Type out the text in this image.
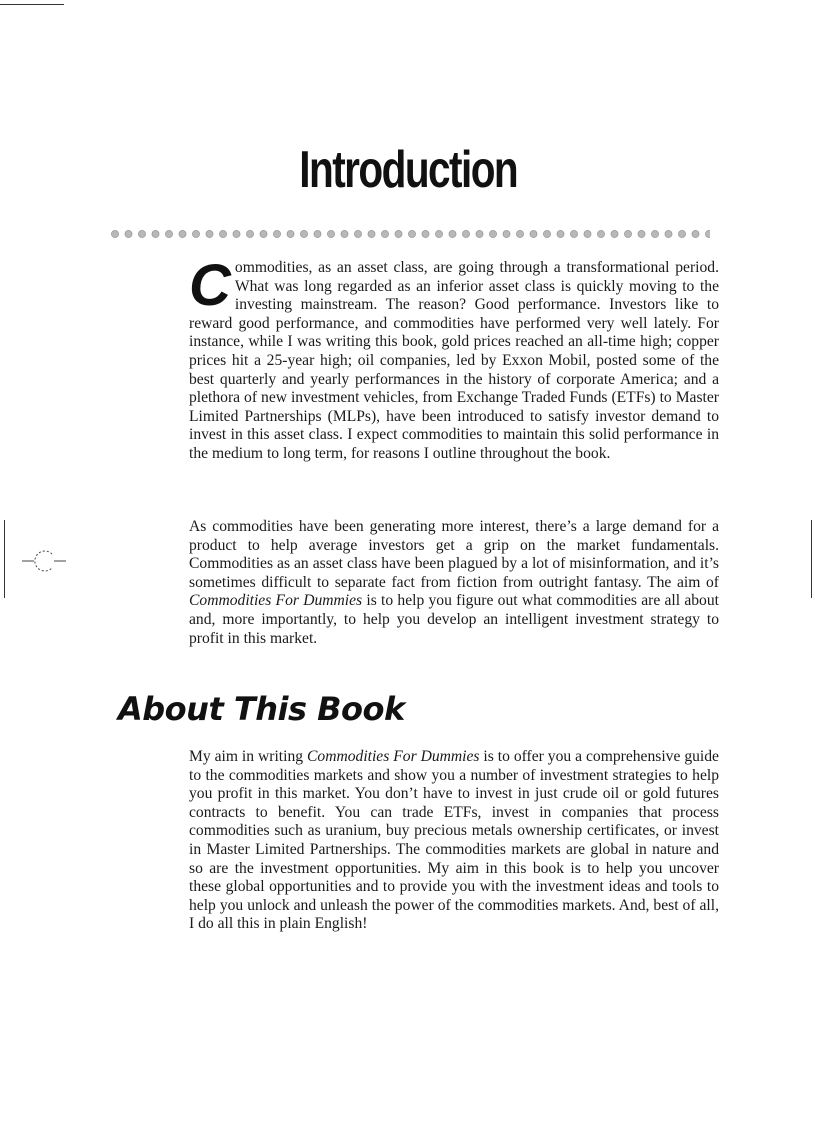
Introduction

Commodities, as an asset class, are going through a transformational period. What was long regarded as an inferior asset class is quickly moving to the investing mainstream. The reason? Good performance. Investors like to reward good performance, and commodities have performed very well lately. For instance, while I was writing this book, gold prices reached an all-time high; copper prices hit a 25-year high; oil companies, led by Exxon Mobil, posted some of the best quarterly and yearly performances in the history of corporate America; and a plethora of new investment vehicles, from Exchange Traded Funds (ETFs) to Master Limited Partnerships (MLPs), have been introduced to satisfy investor demand to invest in this asset class. I expect commodities to maintain this solid performance in the medium to long term, for reasons I outline throughout the book.

As commodities have been generating more interest, there’s a large demand for a product to help average investors get a grip on the market fundamentals. Commodities as an asset class have been plagued by a lot of misinformation, and it’s sometimes difficult to separate fact from fiction from outright fantasy. The aim of Commodities For Dummies is to help you figure out what commodities are all about and, more importantly, to help you develop an intelligent investment strategy to profit in this market.

About This Book

My aim in writing Commodities For Dummies is to offer you a comprehensive guide to the commodities markets and show you a number of investment strategies to help you profit in this market. You don’t have to invest in just crude oil or gold futures contracts to benefit. You can trade ETFs, invest in companies that process commodities such as uranium, buy precious metals ownership certificates, or invest in Master Limited Partnerships. The commodities markets are global in nature and so are the investment opportunities. My aim in this book is to help you uncover these global opportunities and to provide you with the investment ideas and tools to help you unlock and unleash the power of the commodities markets. And, best of all, I do all this in plain English!
